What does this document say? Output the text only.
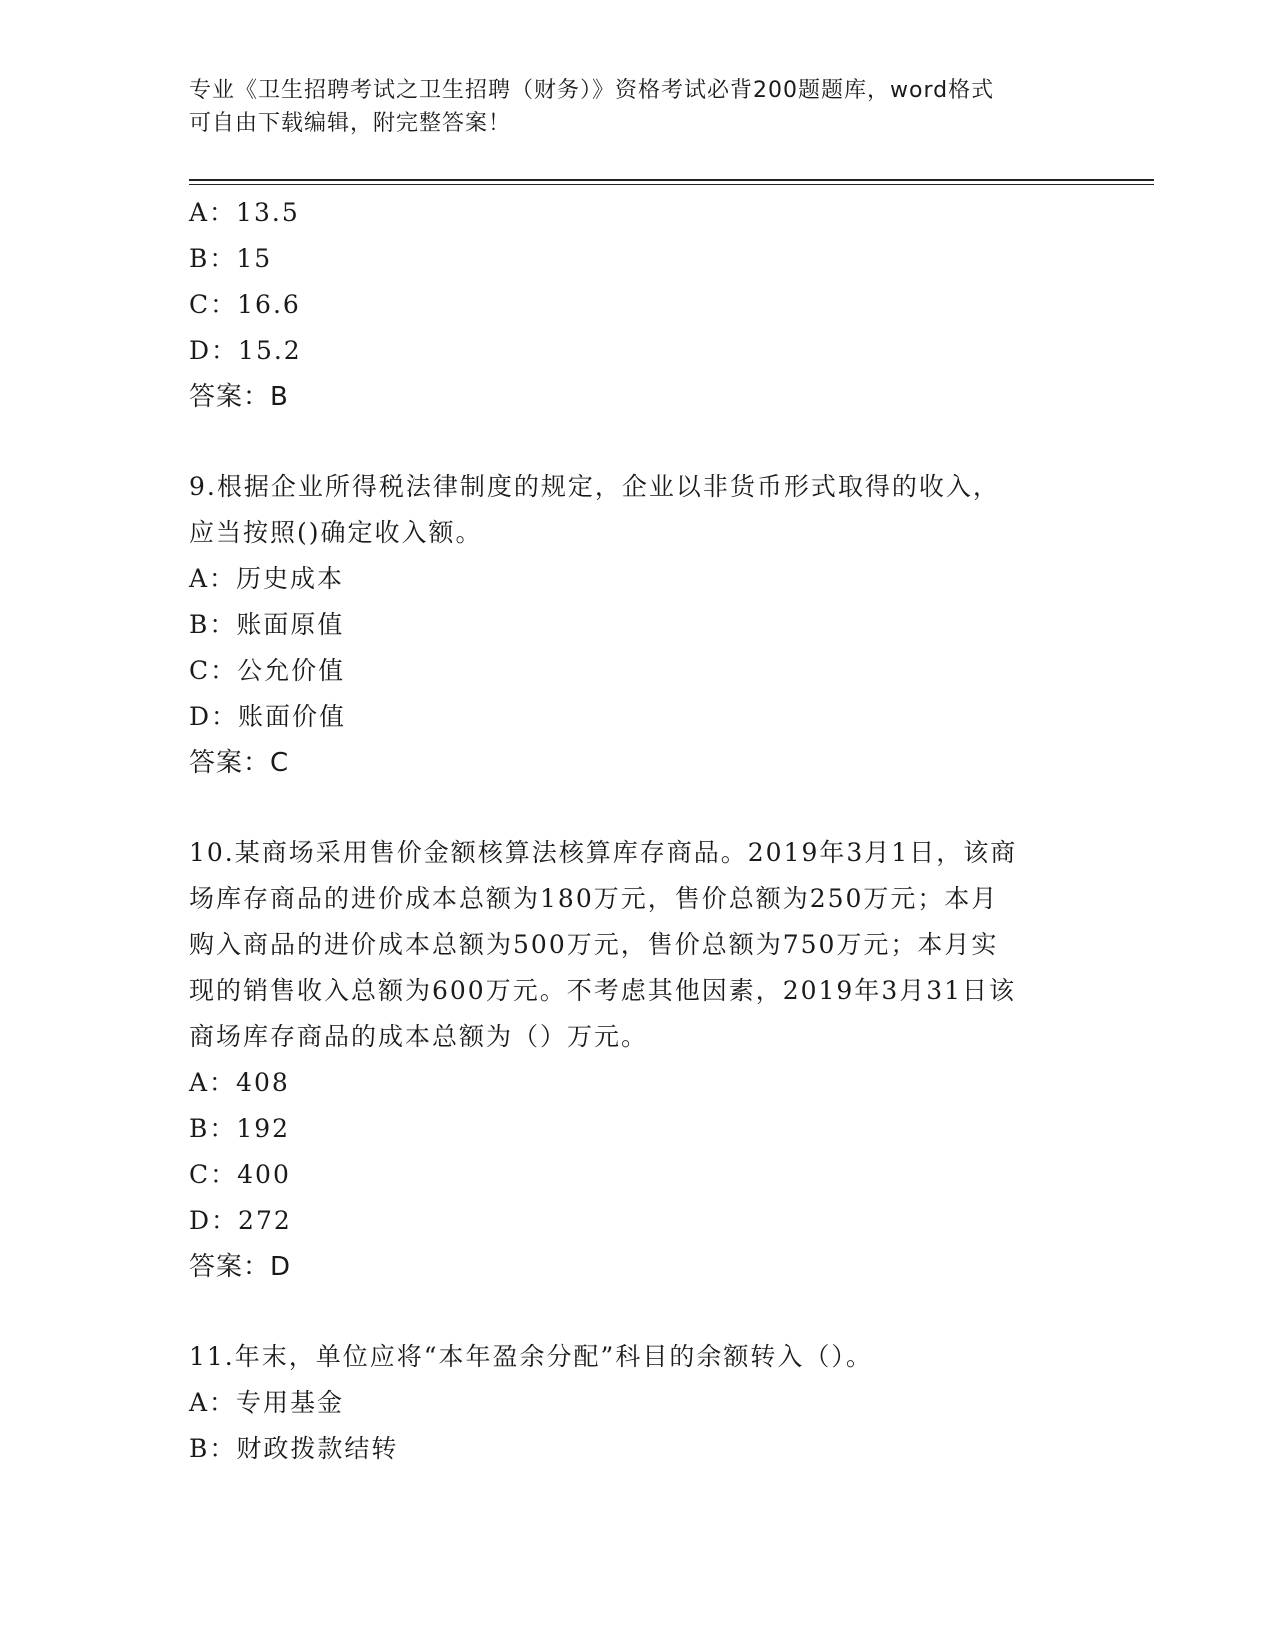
专业《卫生招聘考试之卫生招聘（财务）》资格考试必背200题题库，word格式
可自由下载编辑，附完整答案！
A：13.5
B：15
C：16.6
D：15.2
答案：B
9.根据企业所得税法律制度的规定，企业以非货币形式取得的收入，
应当按照()确定收入额。
A：历史成本
B：账面原值
C：公允价值
D：账面价值
答案：C
10.某商场采用售价金额核算法核算库存商品。2019年3月1日，该商
场库存商品的进价成本总额为180万元，售价总额为250万元；本月
购入商品的进价成本总额为500万元，售价总额为750万元；本月实
现的销售收入总额为600万元。不考虑其他因素，2019年3月31日该
商场库存商品的成本总额为（）万元。
A：408
B：192
C：400
D：272
答案：D
11.年末，单位应将“本年盈余分配”科目的余额转入（）。
A：专用基金
B：财政拨款结转
